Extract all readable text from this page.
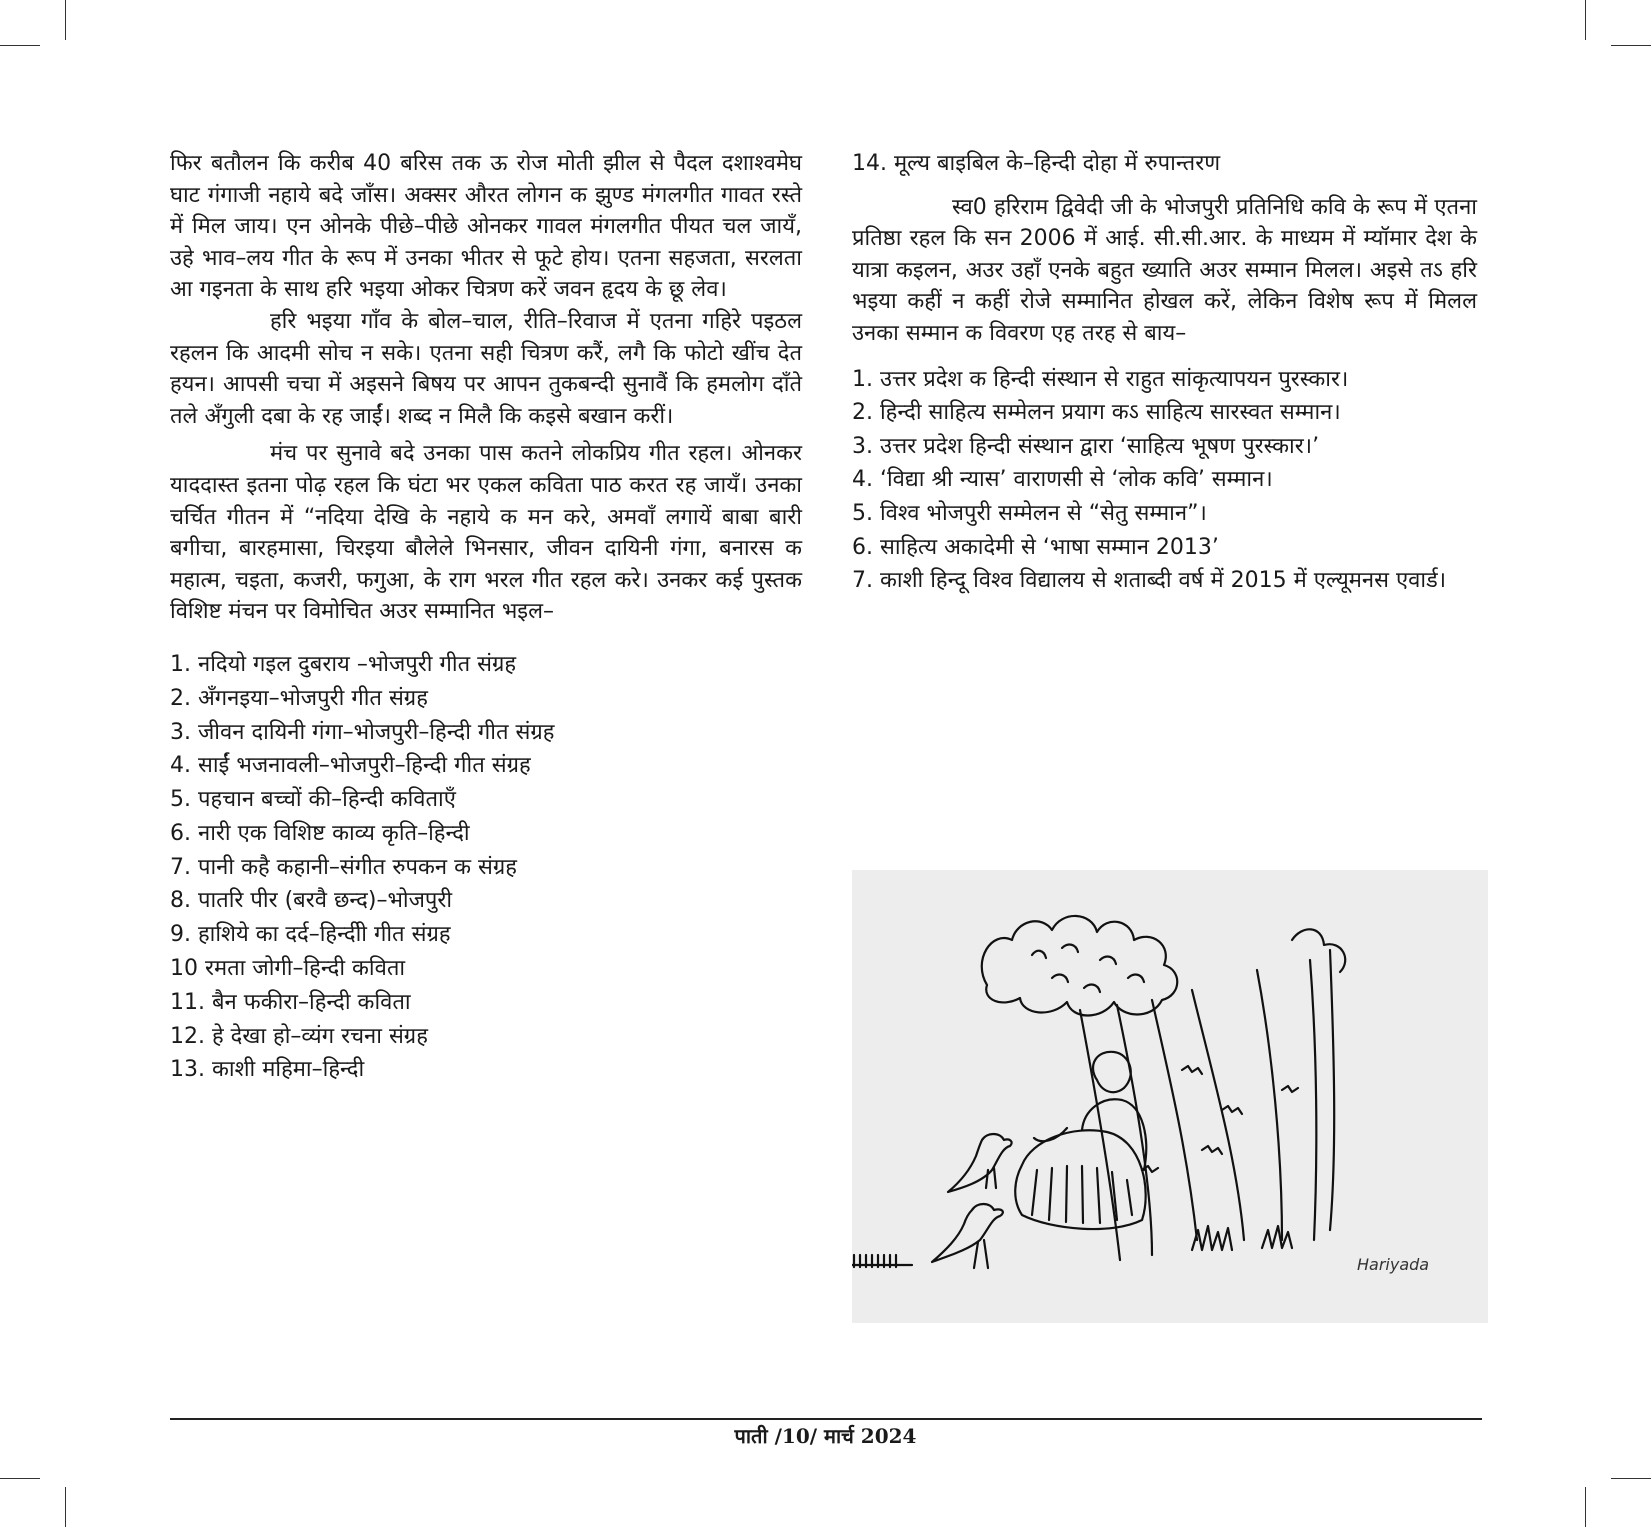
फिर बतौलन कि करीब 40 बरिस तक ऊ रोज मोती झील से पैदल दशाश्वमेघ घाट गंगाजी नहाये बदे जाँस। अक्सर औरत लोगन क झुण्ड मंगलगीत गावत रस्ते में मिल जाय। एन ओनके पीछे–पीछे ओनकर गावल मंगलगीत पीयत चल जायँ, उहे भाव–लय गीत के रूप में उनका भीतर से फूटे होय। एतना सहजता, सरलता आ गइनता के साथ हरि भइया ओकर चित्रण करें जवन हृदय के छू लेव।

हरि भइया गाँव के बोल–चाल, रीति–रिवाज में एतना गहिरे पइठल रहलन कि आदमी सोच न सके। एतना सही चित्रण करैं, लगै कि फोटो खींच देत हयन। आपसी चचा में अइसने बिषय पर आपन तुकबन्दी सुनावैं कि हमलोग दाँते तले अँगुली दबा के रह जाईं। शब्द न मिलै कि कइसे बखान करीं।

मंच पर सुनावे बदे उनका पास कतने लोकप्रिय गीत रहल। ओनकर याददास्त इतना पोढ़ रहल कि घंटा भर एकल कविता पाठ करत रह जायँ। उनका चर्चित गीतन में “नदिया देखि के नहाये क मन करे, अमवाँ लगायें बाबा बारी बगीचा, बारहमासा, चिरइया बौलेले भिनसार, जीवन दायिनी गंगा, बनारस क महात्म, चइता, कजरी, फगुआ, के राग भरल गीत रहल करे। उनकर कई पुस्तक विशिष्ट मंचन पर विमोचित अउर सम्मानित भइल–

1. नदियो गइल दुबराय –भोजपुरी गीत संग्रह
2. अँगनइया–भोजपुरी गीत संग्रह
3. जीवन दायिनी गंगा–भोजपुरी–हिन्दी गीत संग्रह
4. साईं भजनावली–भोजपुरी–हिन्दी गीत संग्रह
5. पहचान बच्चों की–हिन्दी कविताएँ
6. नारी एक विशिष्ट काव्य कृति–हिन्दी
7. पानी कहै कहानी–संगीत रुपकन क संग्रह
8. पातरि पीर (बरवै छन्द)–भोजपुरी
9. हाशिये का दर्द–हिन्दीी गीत संग्रह
10 रमता जोगी–हिन्दी कविता
11. बैन फकीरा–हिन्दी कविता
12. हे देखा हो–व्यंग रचना संग्रह
13. काशी महिमा–हिन्दी

14. मूल्य बाइबिल के–हिन्दी दोहा में रुपान्तरण

स्व0 हरिराम द्विवेदी जी के भोजपुरी प्रतिनिधि कवि के रूप में एतना प्रतिष्ठा रहल कि सन 2006 में आई. सी.सी.आर. के माध्यम में म्यॉमार देश के यात्रा कइलन, अउर उहाँ एनके बहुत ख्याति अउर सम्मान मिलल। अइसे तऽ हरि भइया कहीं न कहीं रोजे सम्मानित होखल करें, लेकिन विशेष रूप में मिलल उनका सम्मान क विवरण एह तरह से बाय–

1. उत्तर प्रदेश क हिन्दी संस्थान से राहुत सांकृत्यापयन पुरस्कार।
2. हिन्दी साहित्य सम्मेलन प्रयाग कऽ साहित्य सारस्वत सम्मान।
3. उत्तर प्रदेश हिन्दी संस्थान द्वारा ‘साहित्य भूषण पुरस्कार।’
4. ‘विद्या श्री न्यास’ वाराणसी से ‘लोक कवि’ सम्मान।
5. विश्व भोजपुरी सम्मेलन से “सेतु सम्मान”।
6. साहित्य अकादेमी से ‘भाषा सम्मान 2013’
7. काशी हिन्दू विश्व विद्यालय से शताब्दी वर्ष में 2015 में एल्यूमनस एवार्ड।
Hariyada
पाती /10/ मार्च 2024
